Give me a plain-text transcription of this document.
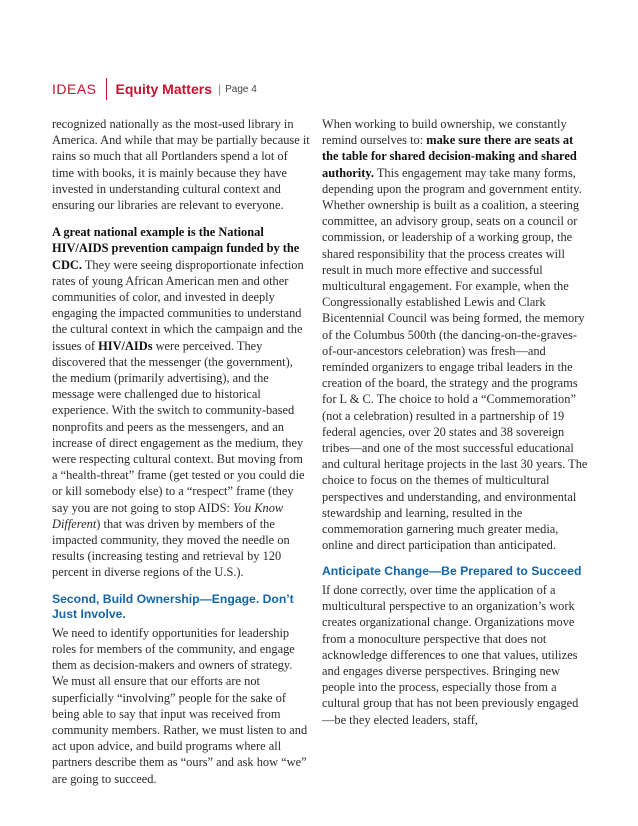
IDEAS Equity Matters | Page 4

recognized nationally as the most-used library in America. And while that may be partially because it rains so much that all Portlanders spend a lot of time with books, it is mainly because they have invested in understanding cultural context and ensuring our libraries are relevant to everyone.

A great national example is the National HIV/AIDS prevention campaign funded by the CDC. They were seeing disproportionate infection rates of young African American men and other communities of color, and invested in deeply engaging the impacted communities to understand the cultural context in which the campaign and the issues of HIV/AIDs were perceived. They discovered that the messenger (the government), the medium (primarily advertising), and the message were challenged due to historical experience. With the switch to community-based nonprofits and peers as the messengers, and an increase of direct engagement as the medium, they were respecting cultural context. But moving from a “health-threat” frame (get tested or you could die or kill somebody else) to a “respect” frame (they say you are not going to stop AIDS: You Know Different) that was driven by members of the impacted community, they moved the needle on results (increasing testing and retrieval by 120 percent in diverse regions of the U.S.).

Second, Build Ownership—Engage. Don’t Just Involve.

We need to identify opportunities for leadership roles for members of the community, and engage them as decision-makers and owners of strategy. We must all ensure that our efforts are not superficially “involving” people for the sake of being able to say that input was received from community members. Rather, we must listen to and act upon advice, and build programs where all partners describe them as “ours” and ask how “we” are going to succeed.

When working to build ownership, we constantly remind ourselves to: make sure there are seats at the table for shared decision-making and shared authority. This engagement may take many forms, depending upon the program and government entity. Whether ownership is built as a coalition, a steering committee, an advisory group, seats on a council or commission, or leadership of a working group, the shared responsibility that the process creates will result in much more effective and successful multicultural engagement. For example, when the Congressionally established Lewis and Clark Bicentennial Council was being formed, the memory of the Columbus 500th (the dancing-on-the-graves-of-our-ancestors celebration) was fresh—and reminded organizers to engage tribal leaders in the creation of the board, the strategy and the programs for L & C. The choice to hold a “Commemoration” (not a celebration) resulted in a partnership of 19 federal agencies, over 20 states and 38 sovereign tribes—and one of the most successful educational and cultural heritage projects in the last 30 years. The choice to focus on the themes of multicultural perspectives and understanding, and environmental stewardship and learning, resulted in the commemoration garnering much greater media, online and direct participation than anticipated.

Anticipate Change—Be Prepared to Succeed

If done correctly, over time the application of a multicultural perspective to an organization’s work creates organizational change. Organizations move from a monoculture perspective that does not acknowledge differences to one that values, utilizes and engages diverse perspectives. Bringing new people into the process, especially those from a cultural group that has not been previously engaged—be they elected leaders, staff,
